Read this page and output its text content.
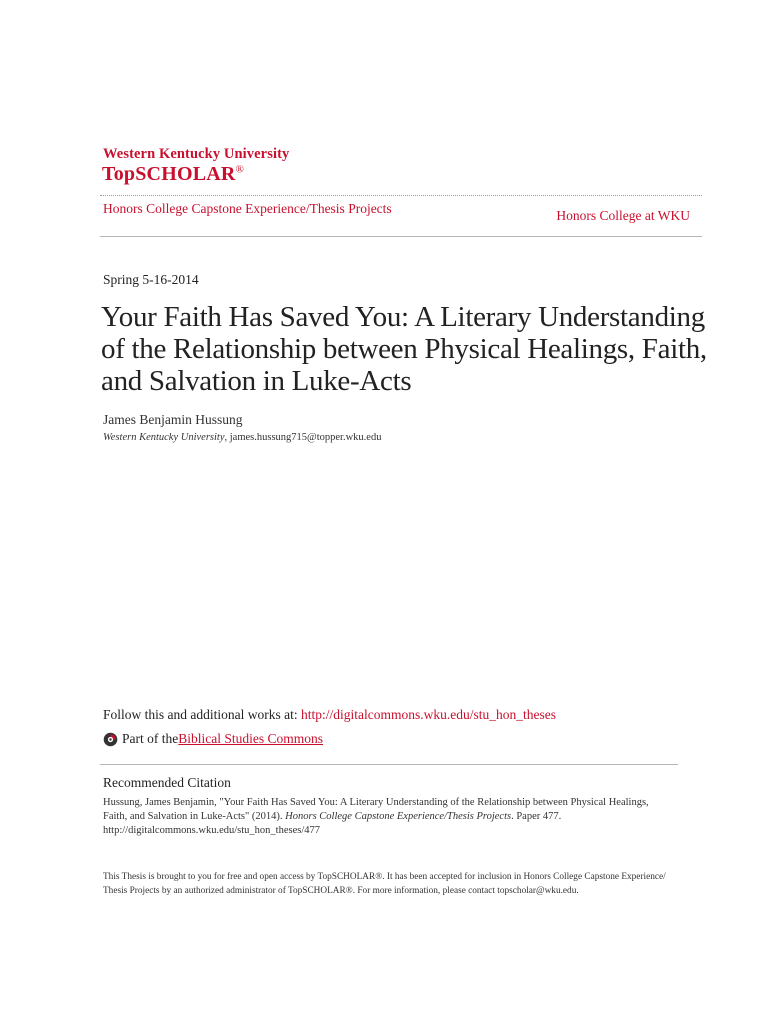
Western Kentucky University
TopSCHOLAR®
Honors College Capstone Experience/Thesis Projects	Honors College at WKU
Spring 5-16-2014
Your Faith Has Saved You: A Literary Understanding of the Relationship between Physical Healings, Faith, and Salvation in Luke-Acts
James Benjamin Hussung
Western Kentucky University, james.hussung715@topper.wku.edu
Follow this and additional works at: http://digitalcommons.wku.edu/stu_hon_theses
Part of the Biblical Studies Commons
Recommended Citation
Hussung, James Benjamin, "Your Faith Has Saved You: A Literary Understanding of the Relationship between Physical Healings,
Faith, and Salvation in Luke-Acts" (2014). Honors College Capstone Experience/Thesis Projects. Paper 477.
http://digitalcommons.wku.edu/stu_hon_theses/477
This Thesis is brought to you for free and open access by TopSCHOLAR®. It has been accepted for inclusion in Honors College Capstone Experience/
Thesis Projects by an authorized administrator of TopSCHOLAR®. For more information, please contact topscholar@wku.edu.
